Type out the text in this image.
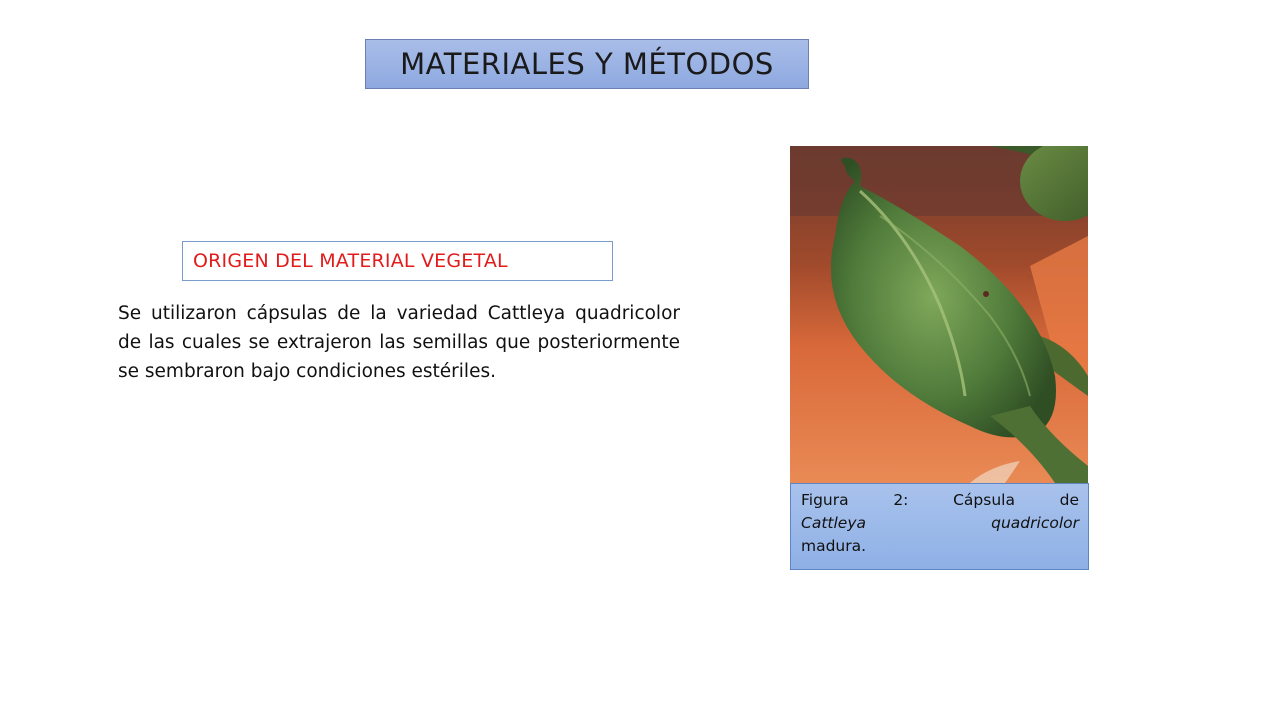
MATERIALES Y MÉTODOS
ORIGEN DEL MATERIAL VEGETAL
Se utilizaron cápsulas de la variedad Cattleya quadricolor de las cuales se extrajeron las semillas que posteriormente se sembraron bajo condiciones estériles.
Figura	2:	Cápsula	de
Cattleya	quadricolor
madura.
